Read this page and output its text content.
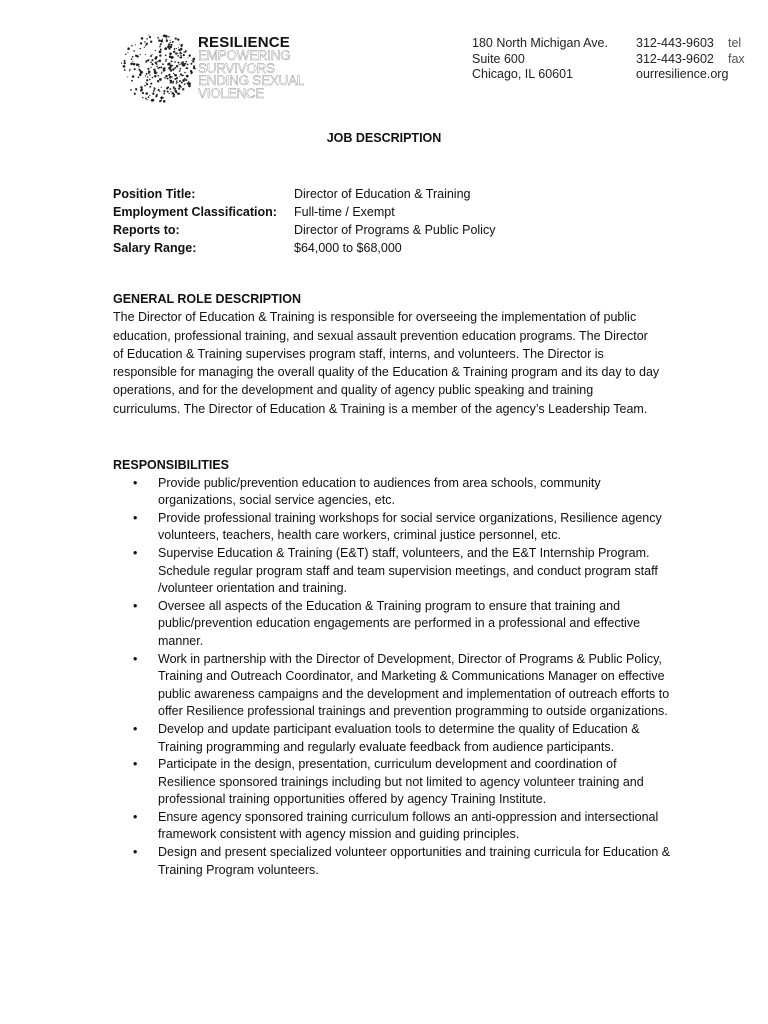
RESILIENCE
EMPOWERING
SURVIVORS
ENDING SEXUAL
VIOLENCE
180 North Michigan Ave.
Suite 600
Chicago, IL 60601
312-443-9603	tel
312-443-9602	fax
ourresilience.org
JOB DESCRIPTION
Position Title:	Director of Education & Training
Employment Classification:	Full-time / Exempt
Reports to:	Director of Programs & Public Policy
Salary Range:	$64,000 to $68,000
GENERAL ROLE DESCRIPTION

The Director of Education & Training is responsible for overseeing the implementation of public education, professional training, and sexual assault prevention education programs. The Director of Education & Training supervises program staff, interns, and volunteers. The Director is responsible for managing the overall quality of the Education & Training program and its day to day operations, and for the development and quality of agency public speaking and training curriculums. The Director of Education & Training is a member of the agency’s Leadership Team.

RESPONSIBILITIES
• Provide public/prevention education to audiences from area schools, community organizations, social service agencies, etc.
• Provide professional training workshops for social service organizations, Resilience agency volunteers, teachers, health care workers, criminal justice personnel, etc.
• Supervise Education & Training (E&T) staff, volunteers, and the E&T Internship Program. Schedule regular program staff and team supervision meetings, and conduct program staff /volunteer orientation and training.
• Oversee all aspects of the Education & Training program to ensure that training and public/prevention education engagements are performed in a professional and effective manner.
• Work in partnership with the Director of Development, Director of Programs & Public Policy, Training and Outreach Coordinator, and Marketing & Communications Manager on effective public awareness campaigns and the development and implementation of outreach efforts to offer Resilience professional trainings and prevention programming to outside organizations.
• Develop and update participant evaluation tools to determine the quality of Education & Training programming and regularly evaluate feedback from audience participants.
• Participate in the design, presentation, curriculum development and coordination of Resilience sponsored trainings including but not limited to agency volunteer training and professional training opportunities offered by agency Training Institute.
• Ensure agency sponsored training curriculum follows an anti-oppression and intersectional framework consistent with agency mission and guiding principles.
• Design and present specialized volunteer opportunities and training curricula for Education & Training Program volunteers.
